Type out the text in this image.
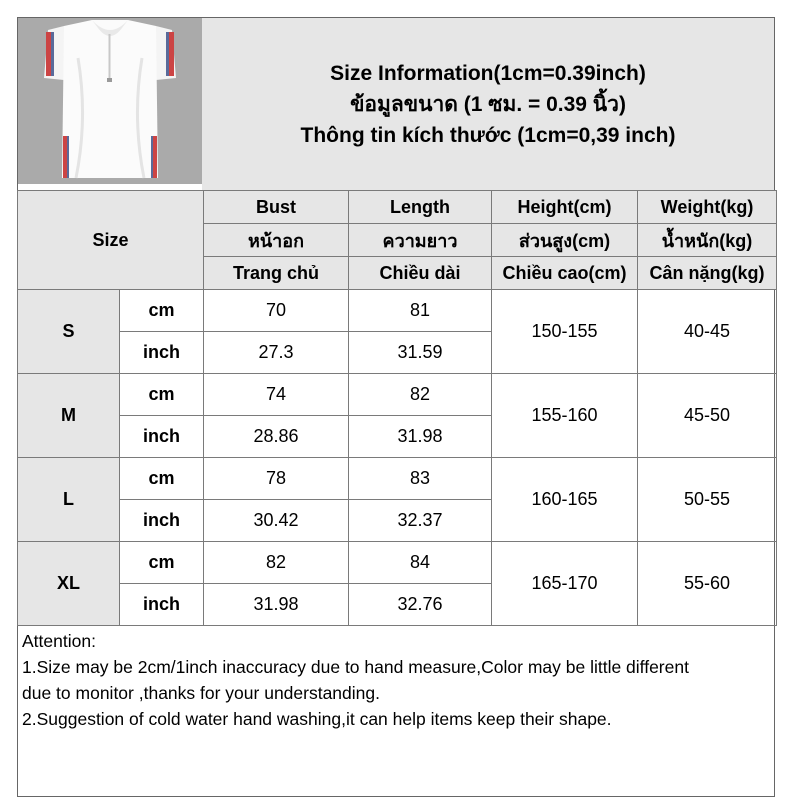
Size Information(1cm=0.39inch)
ข้อมูลขนาด (1 ซม. = 0.39 นิ้ว)
Thông tin kích thước (1cm=0,39 inch)
Size		Bust	Length	Height(cm)	Weight(kg)
		หน้าอก	ความยาว	ส่วนสูง(cm)	น้ำหนัก(kg)
		Trang chủ	Chiều dài	Chiều cao(cm)	Cân nặng(kg)
S	cm	70	81	150-155	40-45
	inch	27.3	31.59		
M	cm	74	82	155-160	45-50
	inch	28.86	31.98		
L	cm	78	83	160-165	50-55
	inch	30.42	32.37		
XL	cm	82	84	165-170	55-60
	inch	31.98	32.76		
Attention:
1.Size may be 2cm/1inch inaccuracy due to hand measure,Color may be little different
due to monitor ,thanks for your understanding.
2.Suggestion of cold water hand washing,it can help items keep their shape.
